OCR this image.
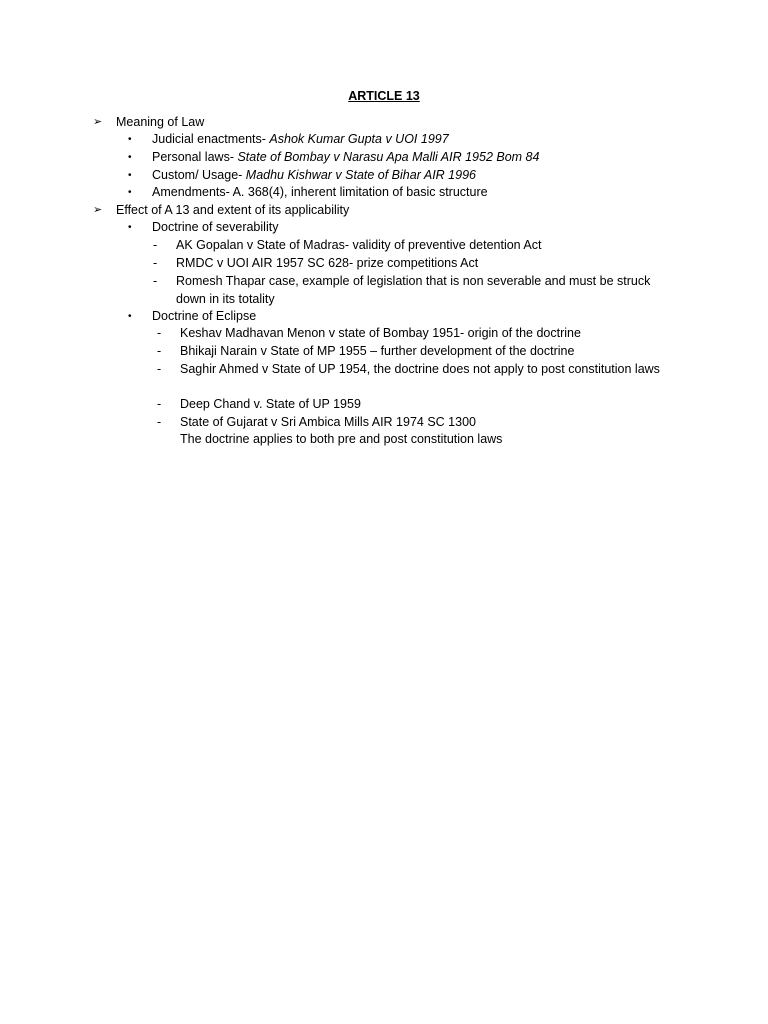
ARTICLE 13
➢ Meaning of Law
• Judicial enactments- Ashok Kumar Gupta v UOI 1997
• Personal laws- State of Bombay v Narasu Apa Malli AIR 1952 Bom 84
• Custom/ Usage- Madhu Kishwar v State of Bihar AIR 1996
• Amendments- A. 368(4), inherent limitation of basic structure
➢ Effect of A 13 and extent of its applicability
• Doctrine of severability
- AK Gopalan v State of Madras- validity of preventive detention Act
- RMDC v UOI AIR 1957 SC 628- prize competitions Act
- Romesh Thapar case, example of legislation that is non severable and must be struck down in its totality
• Doctrine of Eclipse
- Keshav Madhavan Menon v state of Bombay 1951- origin of the doctrine
- Bhikaji Narain v State of MP 1955 – further development of the doctrine
- Saghir Ahmed v State of UP 1954, the doctrine does not apply to post constitution laws
- Deep Chand v. State of UP 1959
- State of Gujarat v Sri Ambica Mills AIR 1974 SC 1300
The doctrine applies to both pre and post constitution laws
